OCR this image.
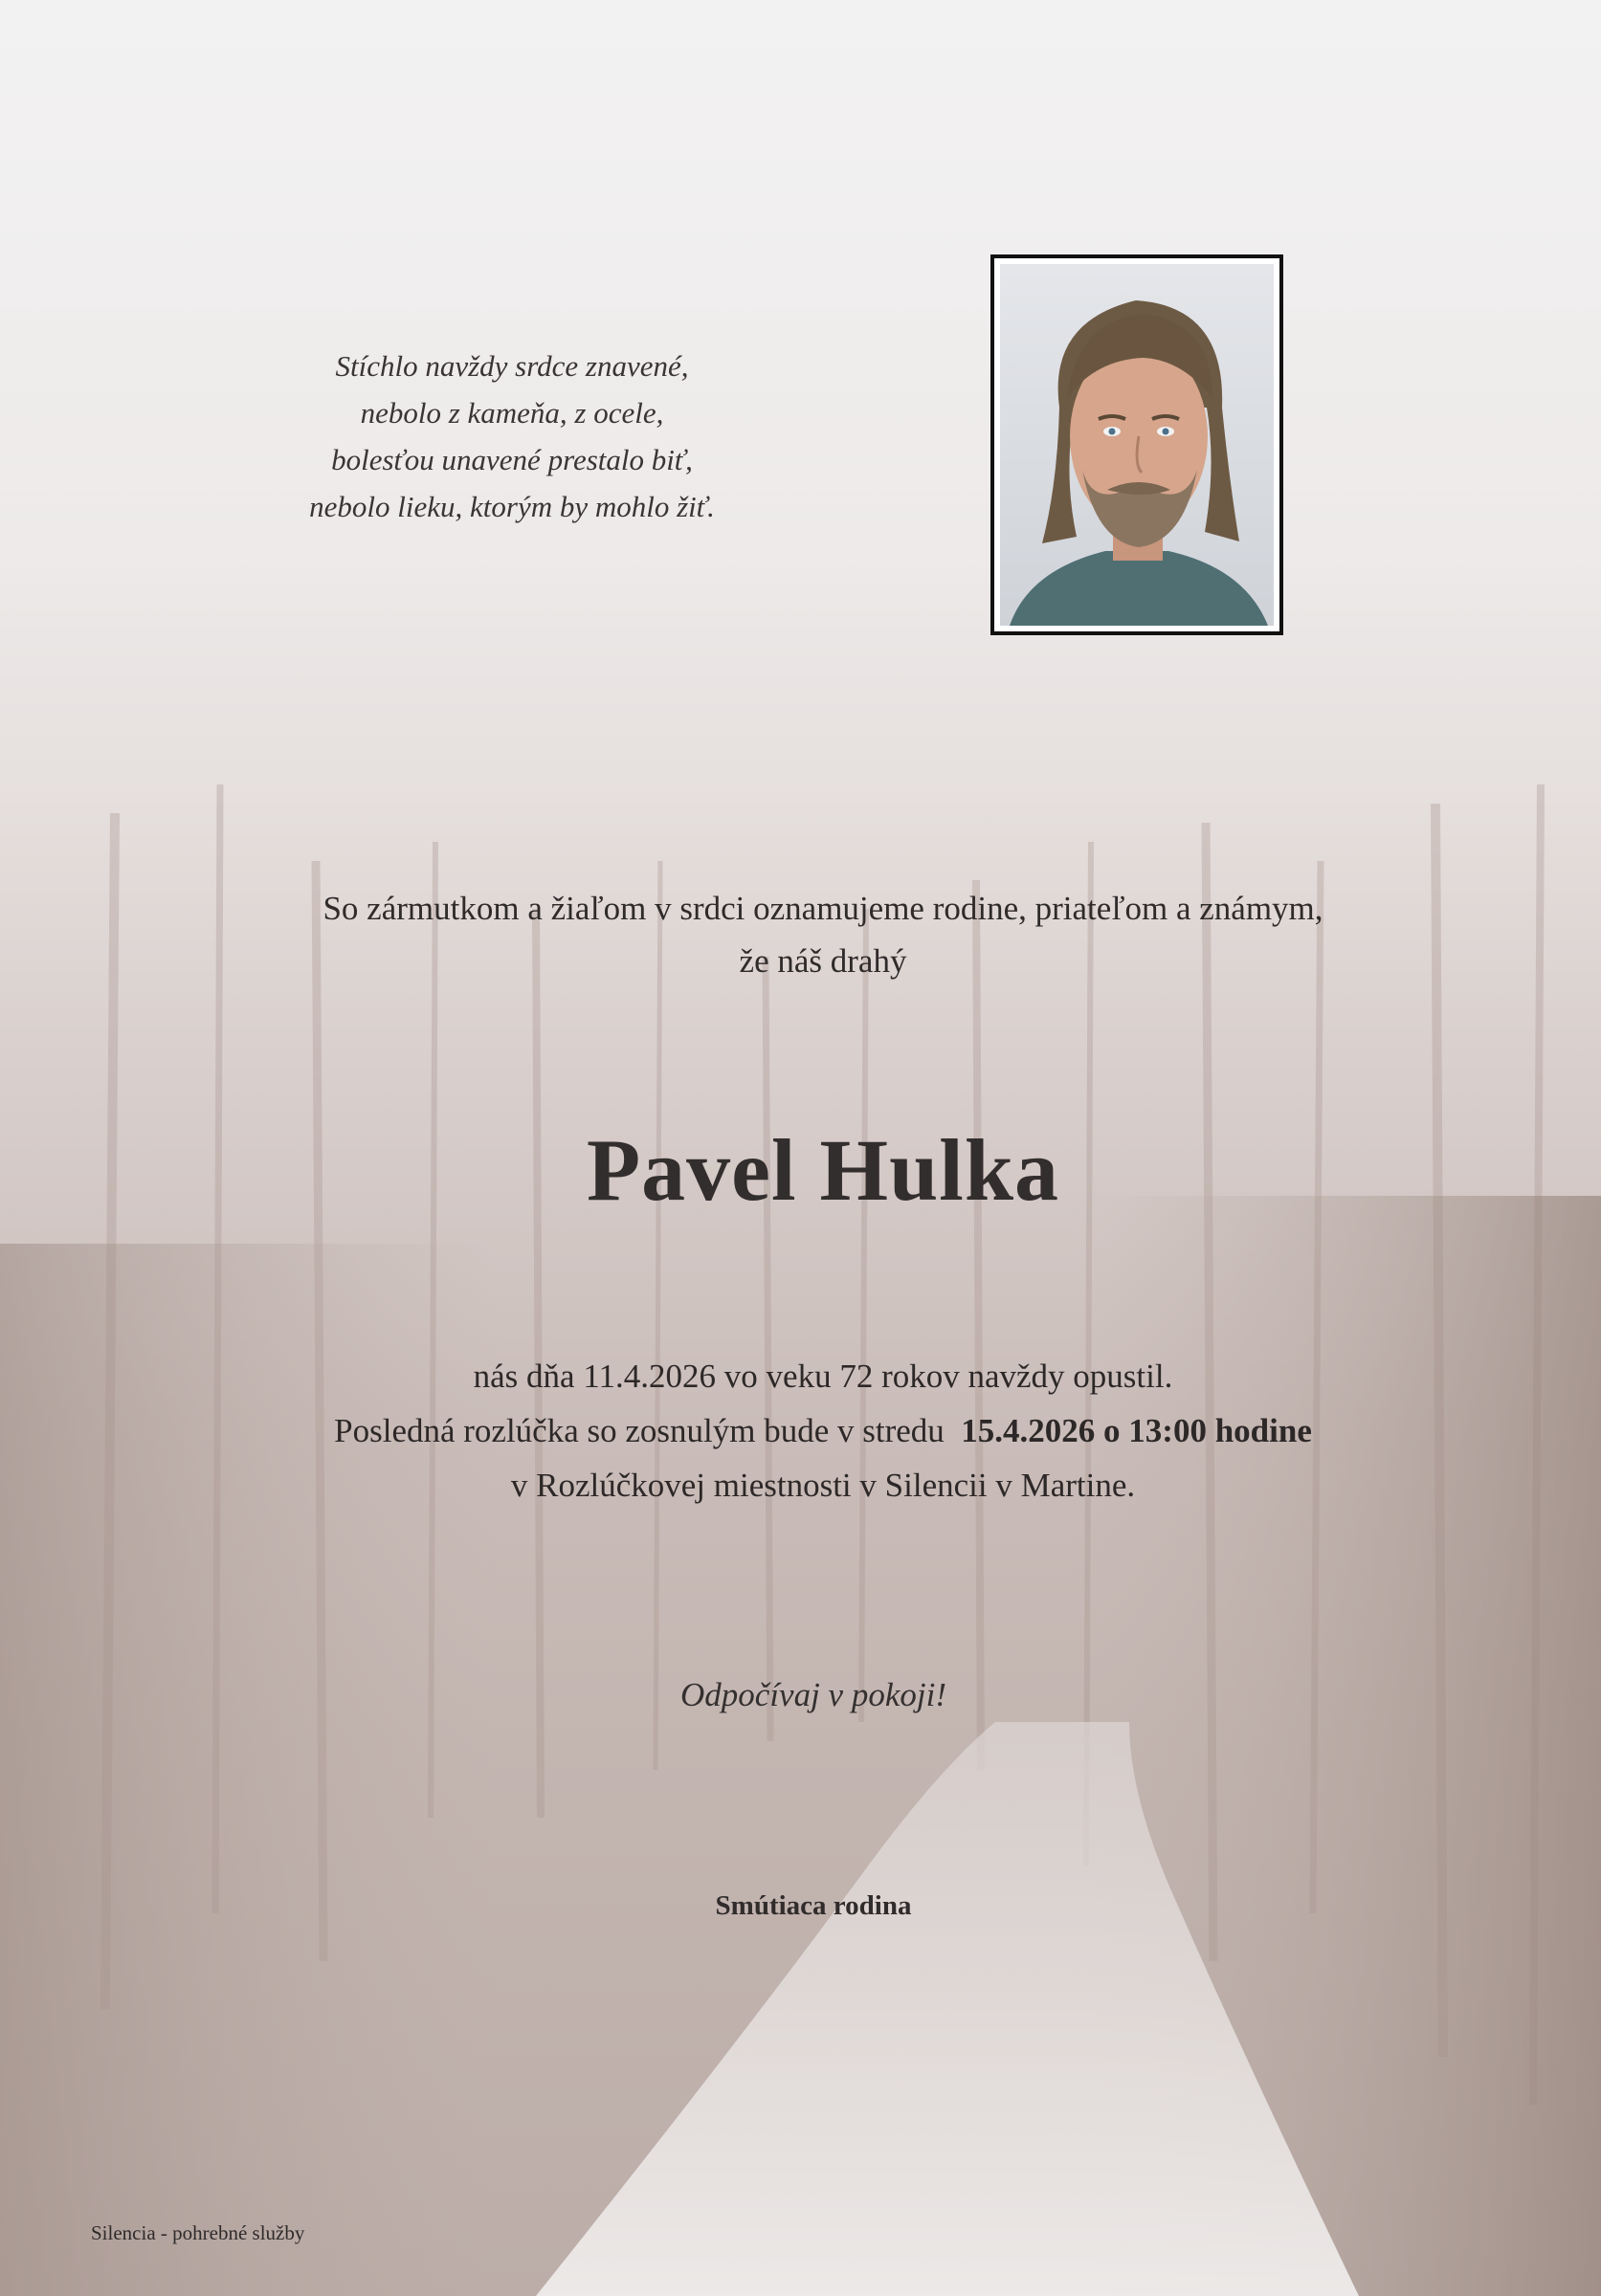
Stíchlo navždy srdce znavené,
nebolo z kameňa, z ocele,
bolesťou unavené prestalo biť,
nebolo lieku, ktorým by mohlo žiť.
So zármutkom a žiaľom v srdci oznamujeme rodine, priateľom a známym,
že náš drahý
Pavel Hulka
nás dňa 11.4.2026 vo veku 72 rokov navždy opustil.
Posledná rozlúčka so zosnulým bude v stredu 15.4.2026 o 13:00 hodine
v Rozlúčkovej miestnosti v Silencii v Martine.
Odpočívaj v pokoji!
Smútiaca rodina
Silencia - pohrebné služby
